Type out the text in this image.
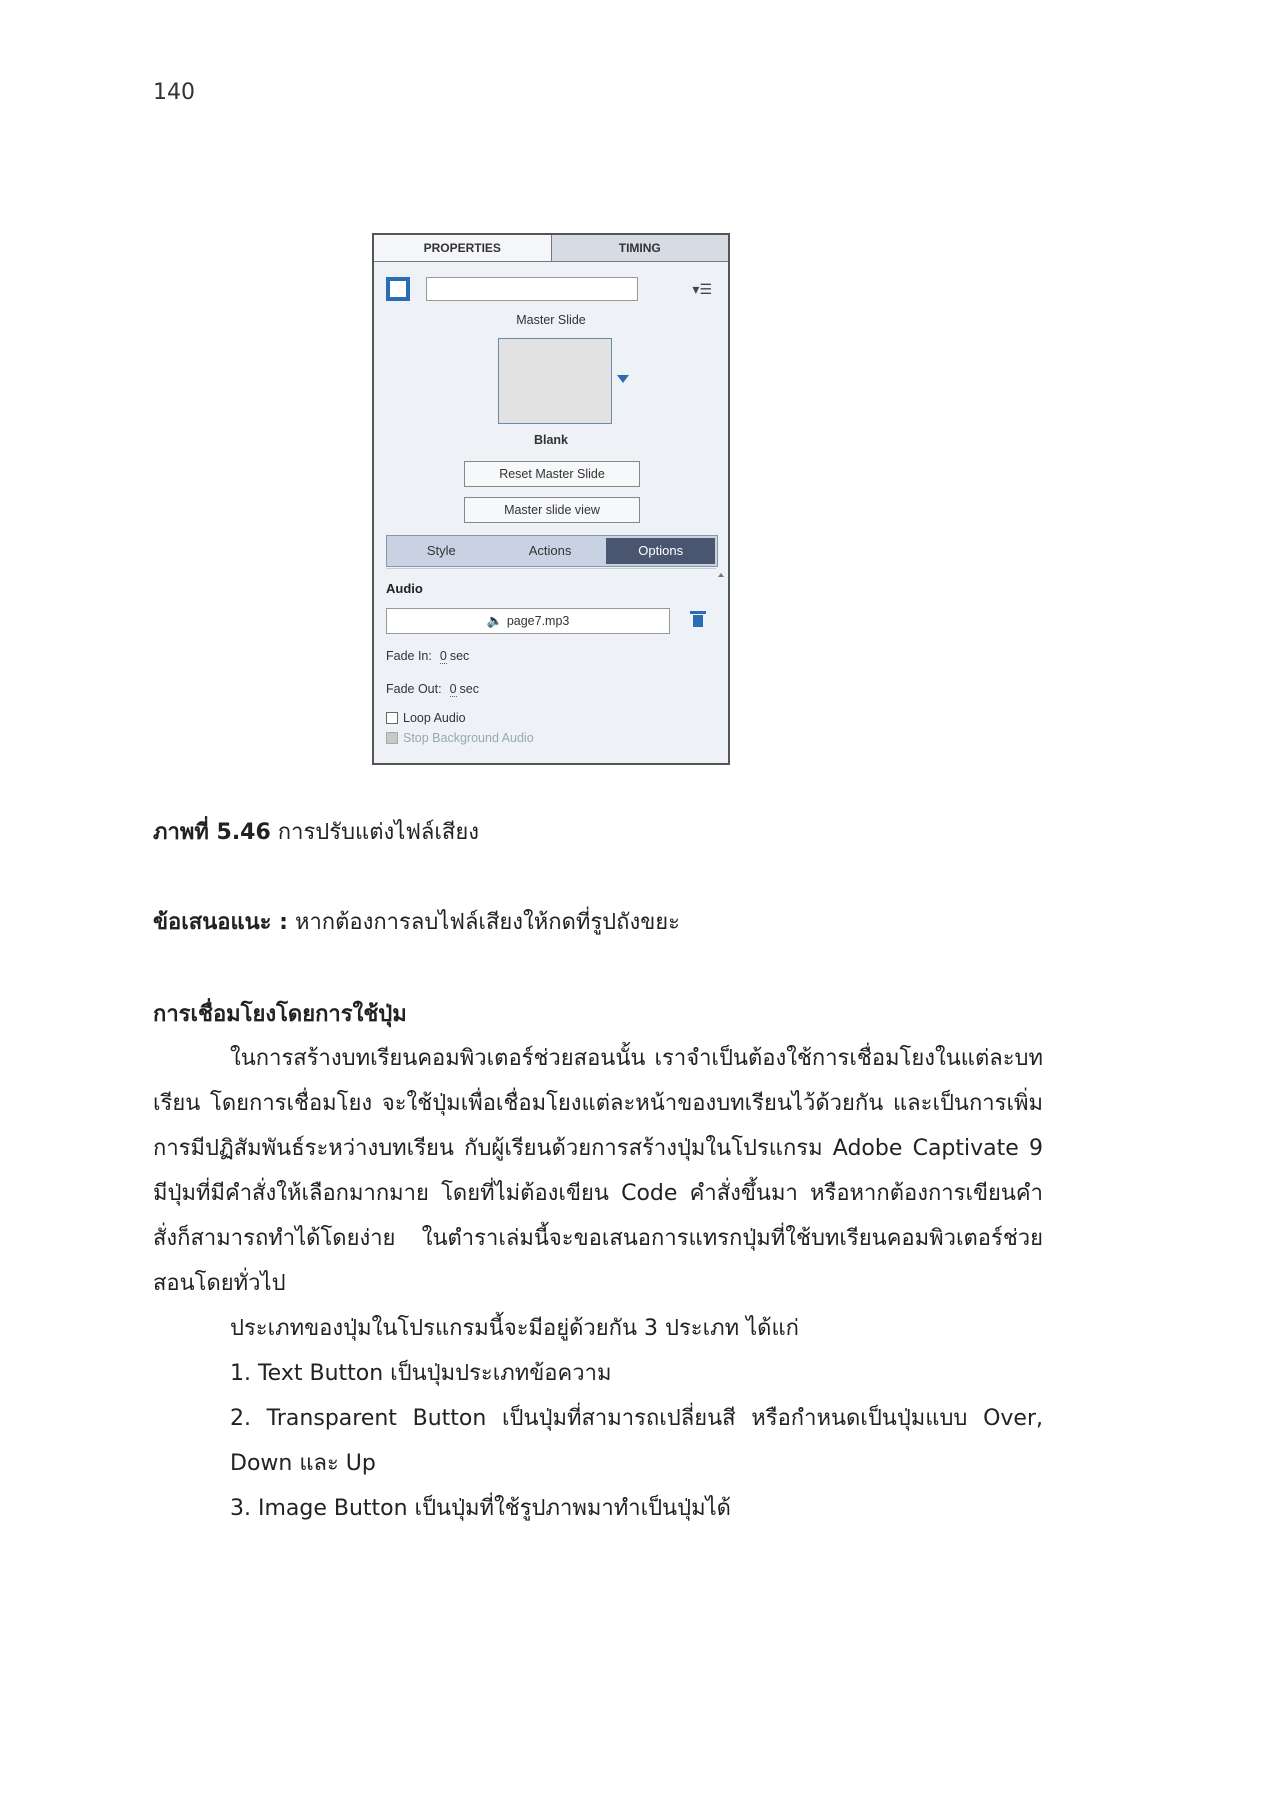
140
PROPERTIES	TIMING
▾☰
Master Slide
Blank
Reset Master Slide
Master slide view
Style	Actions	Options
Audio
🔈 page7.mp3
Fade In: 0 sec
Fade Out: 0 sec
Loop Audio
Stop Background Audio
ภาพที่ 5.46 การปรับแต่งไฟล์เสียง
ข้อเสนอแนะ : หากต้องการลบไฟล์เสียงให้กดที่รูปถังขยะ
การเชื่อมโยงโดยการใช้ปุ่ม

ในการสร้างบทเรียนคอมพิวเตอร์ช่วยสอนนั้น เราจำเป็นต้องใช้การเชื่อมโยงในแต่ละบทเรียน โดยการเชื่อมโยง จะใช้ปุ่มเพื่อเชื่อมโยงแต่ละหน้าของบทเรียนไว้ด้วยกัน และเป็นการเพิ่มการมีปฏิสัมพันธ์ระหว่างบทเรียน กับผู้เรียนด้วยการสร้างปุ่มในโปรแกรม Adobe Captivate 9 มีปุ่มที่มีคำสั่งให้เลือกมากมาย โดยที่ไม่ต้องเขียน Code คำสั่งขึ้นมา หรือหากต้องการเขียนคำสั่งก็สามารถทำได้โดยง่าย ในตำราเล่มนี้จะขอเสนอการแทรกปุ่มที่ใช้บทเรียนคอมพิวเตอร์ช่วยสอนโดยทั่วไป

ประเภทของปุ่มในโปรแกรมนี้จะมีอยู่ด้วยกัน 3 ประเภท ได้แก่

1. Text Button เป็นปุ่มประเภทข้อความ

2. Transparent Button เป็นปุ่มที่สามารถเปลี่ยนสี หรือกำหนดเป็นปุ่มแบบ Over, Down และ Up

3. Image Button เป็นปุ่มที่ใช้รูปภาพมาทำเป็นปุ่มได้
